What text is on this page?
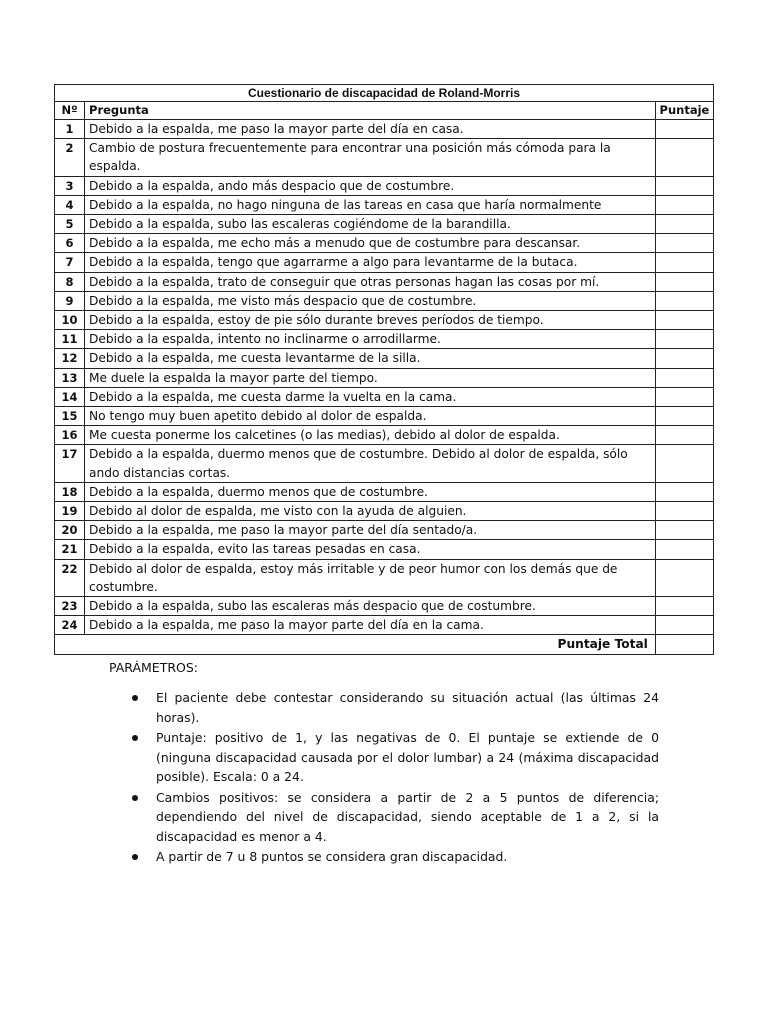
Cuestionario de discapacidad de Roland-Morris		
Nº	Pregunta	Puntaje
1	Debido a la espalda, me paso la mayor parte del día en casa.	
2	Cambio de postura frecuentemente para encontrar una posición más cómoda para la espalda.	
3	Debido a la espalda, ando más despacio que de costumbre.	
4	Debido a la espalda, no hago ninguna de las tareas en casa que haría normalmente	
5	Debido a la espalda, subo las escaleras cogiéndome de la barandilla.	
6	Debido a la espalda, me echo más a menudo que de costumbre para descansar.	
7	Debido a la espalda, tengo que agarrarme a algo para levantarme de la butaca.	
8	Debido a la espalda, trato de conseguir que otras personas hagan las cosas por mí.	
9	Debido a la espalda, me visto más despacio que de costumbre.	
10	Debido a la espalda, estoy de pie sólo durante breves períodos de tiempo.	
11	Debido a la espalda, intento no inclinarme o arrodillarme.	
12	Debido a la espalda, me cuesta levantarme de la silla.	
13	Me duele la espalda la mayor parte del tiempo.	
14	Debido a la espalda, me cuesta darme la vuelta en la cama.	
15	No tengo muy buen apetito debido al dolor de espalda.	
16	Me cuesta ponerme los calcetines (o las medias), debido al dolor de espalda.	
17	Debido a la espalda, duermo menos que de costumbre. Debido al dolor de espalda, sólo ando distancias cortas.	
18	Debido a la espalda, duermo menos que de costumbre.	
19	Debido al dolor de espalda, me visto con la ayuda de alguien.	
20	Debido a la espalda, me paso la mayor parte del día sentado/a.	
21	Debido a la espalda, evito las tareas pesadas en casa.	
22	Debido al dolor de espalda, estoy más irritable y de peor humor con los demás que de costumbre.	
23	Debido a la espalda, subo las escaleras más despacio que de costumbre.	
24	Debido a la espalda, me paso la mayor parte del día en la cama.	
Puntaje Total		
PARÁMETROS:
El paciente debe contestar considerando su situación actual (las últimas 24 horas).
Puntaje: positivo de 1, y las negativas de 0. El puntaje se extiende de 0 (ninguna discapacidad causada por el dolor lumbar) a 24 (máxima discapacidad posible). Escala: 0 a 24.
Cambios positivos: se considera a partir de 2 a 5 puntos de diferencia; dependiendo del nivel de discapacidad, siendo aceptable de 1 a 2, si la discapacidad es menor a 4.
A partir de 7 u 8 puntos se considera gran discapacidad.
